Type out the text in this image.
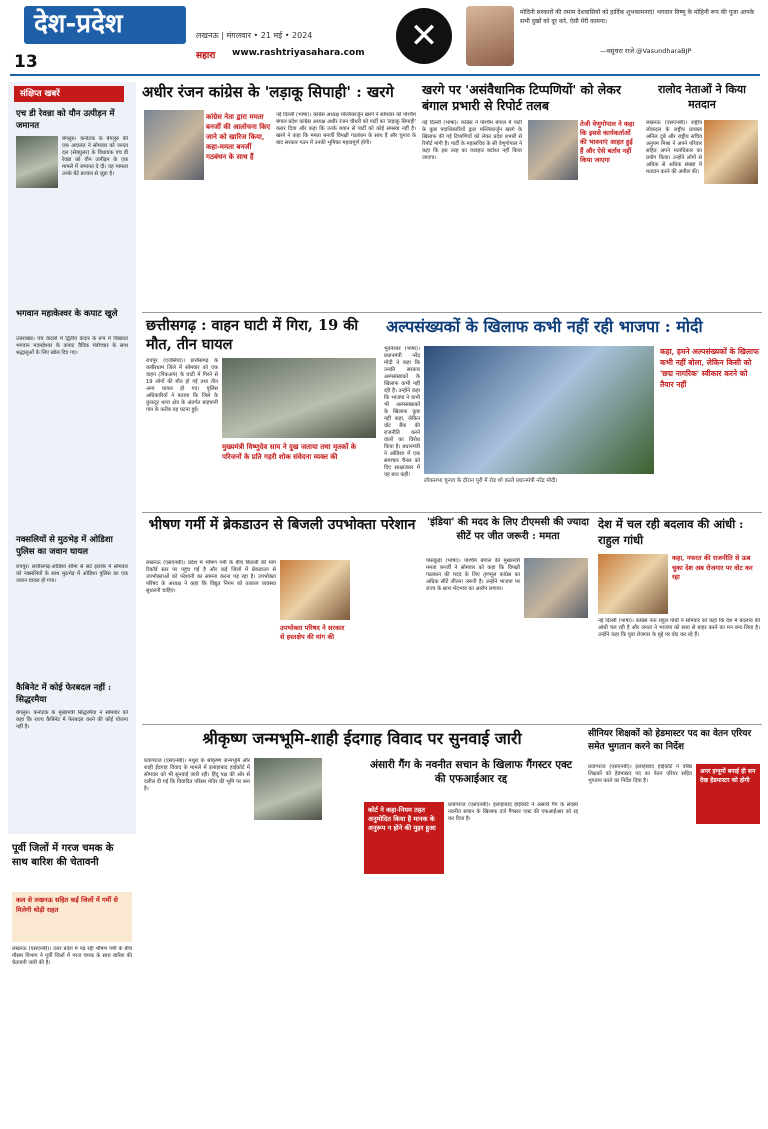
देश-प्रदेश
13
लखनऊ | मंगलवार • 21 मई • 2024
सहारा www.rashtriyasahara.com	✕
मोदिनी सरकारों की तमाम देशवासियों को हार्दिक शुभकामनाएं! भगवान विष्णु के मोहिनी रूप की पूजा आपके सभी दुखों को दूर करे, ऐसी मेरी कामना।
—वसुंधरा राजे @VasundharaBJP
संक्षिप्त खबरें
एच डी रेवन्ना को यौन उत्पीड़न में जमानत
बेंगलुरु। कर्नाटक के बेंगलुरु की एक अदालत ने सोमवार को जनता दल (सेक्युलर) के विधायक एच डी रेवन्ना को यौन उत्पीड़न के एक मामले में जमानत दे दी। यह मामला उनके बेटे प्रज्वल से जुड़ा है।
भगवान महाकेश्वर के कपाट खुले
उत्तराखंड। पंच केदारों में द्वितीय केदार के रूप में विख्यात भगवान मदमहेश्वर के कपाट वैदिक मंत्रोच्चार के साथ श्रद्धालुओं के लिए खोल दिए गए।
नक्सलियों से मुठभेड़ में ओडिशा पुलिस का जवान घायल
रायपुर। छत्तीसगढ़-ओडिशा सीमा से सटे इलाके में सोमवार को नक्सलियों के साथ मुठभेड़ में ओडिशा पुलिस का एक जवान घायल हो गया।
कैबिनेट में कोई फेरबदल नहीं : सिद्धरमैया
बेंगलुरु। कर्नाटक के मुख्यमंत्री सिद्धरमैया ने सोमवार को कहा कि राज्य कैबिनेट में फेरबदल करने की कोई योजना नहीं है।
अधीर रंजन कांग्रेस के 'लड़ाकू सिपाही' : खरगे
कांग्रेस नेता द्वारा ममता बनर्जी की आलोचना किए जाने को खारिज किया, कहा-ममता बनर्जी गठबंधन के साथ हैं
नई दिल्ली (भाषा)। कांग्रेस अध्यक्ष मल्लिकार्जुन खरगे ने सोमवार को पश्चिम बंगाल प्रदेश कांग्रेस अध्यक्ष अधीर रंजन चौधरी को पार्टी का 'लड़ाकू सिपाही' करार दिया और कहा कि उनके बयान से पार्टी को कोई समस्या नहीं है। खरगे ने कहा कि ममता बनर्जी विपक्षी गठबंधन के साथ हैं और चुनाव के बाद सरकार गठन में उनकी भूमिका महत्वपूर्ण होगी।
खरगे पर 'असंवैधानिक टिप्पणियों' को लेकर बंगाल प्रभारी से रिपोर्ट तलब
नई दिल्ली (भाषा)। कांग्रेस ने पश्चिम बंगाल में पार्टी के कुछ पदाधिकारियों द्वारा मल्लिकार्जुन खरगे के खिलाफ की गई टिप्पणियों को लेकर प्रदेश प्रभारी से रिपोर्ट मांगी है। पार्टी के महासचिव के सी वेणुगोपाल ने कहा कि इस तरह का व्यवहार बर्दाश्त नहीं किया जाएगा।
तेजी वेणुगोपाल ने कहा कि इससे कार्यकर्ताओं की भावनाएं आहत हुई हैं और ऐसे बर्ताव नहीं किया जाएगा
रालोद नेताओं ने किया मतदान
लखनऊ (एसएनबी)। राष्ट्रीय लोकदल के राष्ट्रीय प्रवक्ता अनिल दुबे और राष्ट्रीय सचिव अनुपम मिश्रा ने अपने परिवार सहित अपने मताधिकार का प्रयोग किया। उन्होंने लोगों से अधिक से अधिक संख्या में मतदान करने की अपील की।
छत्तीसगढ़ : वाहन घाटी में गिरा, 19 की मौत, तीन घायल
रायपुर (एजेंसियां)। छत्तीसगढ़ के कबीरधाम जिले में सोमवार को एक वाहन (पिकअप) के घाटी में गिरने से 19 लोगों की मौत हो गई तथा तीन अन्य घायल हो गए। पुलिस अधिकारियों ने बताया कि जिले के कुकदूर थाना क्षेत्र के अंतर्गत बाहपानी गांव के करीब यह घटना हुई।
मुख्यमंत्री विष्णुदेव साय ने दुख जताया तथा मृतकों के परिजनों के प्रति गहरी शोक संवेदना व्यक्त की
अल्पसंख्यकों के खिलाफ कभी नहीं रही भाजपा : मोदी
लोकसभा चुनाव के दौरान पुरी में रोड शो करते प्रधानमंत्री नरेंद्र मोदी।
भुवनेश्वर (भाषा)। प्रधानमंत्री नरेंद्र मोदी ने कहा कि उनकी सरकार अल्पसंख्यकों के खिलाफ कभी नहीं रही है। उन्होंने कहा कि भाजपा ने कभी भी अल्पसंख्यकों के खिलाफ कुछ नहीं कहा, लेकिन वोट बैंक की राजनीति करने वालों का विरोध किया है। प्रधानमंत्री ने ओडिशा में एक समाचार चैनल को दिए साक्षात्कार में यह बात कही।
कहा, हमने अल्पसंख्यकों के खिलाफ कभी नहीं बोला, लेकिन किसी को 'छद्म नागरिक' स्वीकार करने को तैयार नहीं
भीषण गर्मी में ब्रेकडाउन से बिजली उपभोक्ता परेशान
लखनऊ (एसएनबी)। प्रदेश में भीषण गर्मी के बीच बिजली की मांग रिकॉर्ड स्तर पर पहुंच गई है और कई जिलों में ब्रेकडाउन से उपभोक्ताओं को परेशानी का सामना करना पड़ रहा है। उपभोक्ता परिषद के अध्यक्ष ने कहा कि विद्युत निगम को तत्काल व्यवस्था सुधारनी चाहिए।
उपभोक्ता परिषद ने सरकार से हस्तक्षेप की मांग की
'इंडिया' की मदद के लिए टीएमसी की ज्यादा सीटें पर जीत जरूरी : ममता
पांसकुड़ा (भाषा)। पश्चिम बंगाल की मुख्यमंत्री ममता बनर्जी ने सोमवार को कहा कि विपक्षी गठबंधन की मदद के लिए तृणमूल कांग्रेस का अधिक सीटें जीतना जरूरी है। उन्होंने भाजपा पर राज्य के साथ भेदभाव का आरोप लगाया।
देश में चल रही बदलाव की आंधी : राहुल गांधी
कहा, नफरत की राजनीति से ऊब चुका देश अब रोजगार पर वोट कर रहा
नई दिल्ली (भाषा)। कांग्रेस नेता राहुल गांधी ने सोमवार को कहा कि देश में बदलाव की आंधी चल रही है और जनता ने भाजपा को सत्ता से बाहर करने का मन बना लिया है। उन्होंने कहा कि युवा रोजगार के मुद्दे पर वोट कर रहे हैं।
पूर्वी जिलों में गरज चमक के साथ बारिश की चेतावनी
कल से लखनऊ सहित कई जिलों में गर्मी से मिलेगी थोड़ी राहत
लखनऊ (एसएनबी)। उत्तर प्रदेश में पड़ रही भीषण गर्मी के बीच मौसम विभाग ने पूर्वी जिलों में गरज चमक के साथ बारिश की चेतावनी जारी की है।
श्रीकृष्ण जन्मभूमि-शाही ईदगाह विवाद पर सुनवाई जारी
प्रयागराज (एसएनबी)। मथुरा के श्रीकृष्ण जन्मभूमि और शाही ईदगाह विवाद के मामले में इलाहाबाद हाईकोर्ट में सोमवार को भी सुनवाई जारी रही। हिंदू पक्ष की ओर से दलील दी गई कि विवादित परिसर मंदिर की भूमि पर बना है।
अंसारी गैंग के नवनीत सचान के खिलाफ गैंगस्टर एक्ट की एफआईआर रद्द
कोर्ट ने कहा-नियम तहत अनुमोदित किया है मानक के अनुरूप न होने की मुहर हुआ
प्रयागराज (एसएनबी)। इलाहाबाद हाईकोर्ट ने अंसारी गैंग के सदस्य नवनीत सचान के खिलाफ दर्ज गैंगस्टर एक्ट की एफआईआर को रद्द कर दिया है।
सीनियर शिक्षकों को हेडमास्टर पद का वेतन एरियर समेत भुगतान करने का निर्देश
अपर इग्नूमों बनाई ही सन देख हेडमास्टर को होगी
प्रयागराज (एसएनबी)। इलाहाबाद हाईकोर्ट ने वरिष्ठ शिक्षकों को हेडमास्टर पद का वेतन एरियर सहित भुगतान करने का निर्देश दिया है।
